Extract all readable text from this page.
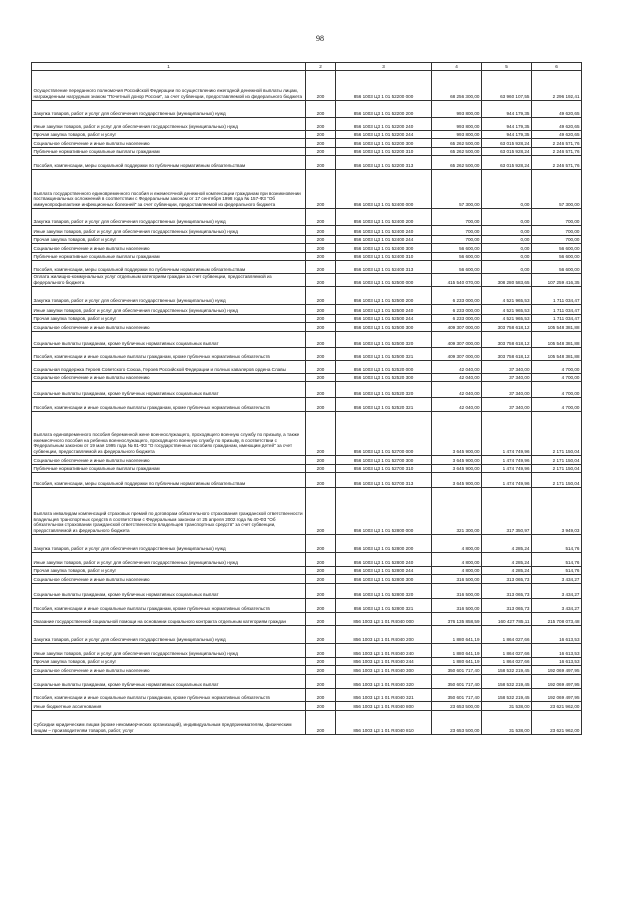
98
1	2	3	4	5	6
Осуществление переданного полномочия Российской Федерации по осуществлению ежегодной денежной выплаты лицам, награжденным нагрудным знаком "Почетный донор России", за счет субвенции, предоставляемой из федерального бюджета	200	856 1003 Ц3 1 01 52200 000	68 256 300,00	63 960 107,55	2 296 192,41
Закупка товаров, работ и услуг для обеспечения государственных (муниципальных) нужд	200	856 1003 Ц3 1 01 52200 200	993 800,00	944 179,35	49 620,65
Иные закупки товаров, работ и услуг для обеспечения государственных (муниципальных) нужд	200	856 1003 Ц3 1 01 52200 240	993 800,00	944 179,35	49 620,65
Прочая закупка товаров, работ и услуг	200	856 1003 Ц3 1 01 52200 244	993 800,00	944 179,35	49 620,65
Социальное обеспечение и иные выплаты населению	200	856 1003 Ц3 1 01 52200 300	65 262 500,00	63 015 928,24	2 246 571,76
Публичные нормативные социальные выплаты гражданам	200	856 1003 Ц3 1 01 52200 310	65 262 500,00	63 015 928,24	2 246 571,76
Пособия, компенсации, меры социальной поддержки по публичным нормативным обязательствам	200	856 1003 Ц3 1 01 52200 313	65 262 500,00	63 015 928,24	2 246 571,76
Выплата государственного единовременного пособия и ежемесячной денежной компенсации гражданам при возникновении поствакцинальных осложнений в соответствии с Федеральным законом от 17 сентября 1998 года № 157-ФЗ "Об иммунопрофилактике инфекционных болезней" за счет субвенции, предоставляемой из федерального бюджета	200	856 1003 Ц3 1 01 52400 000	57 300,00	0,00	57 300,00
Закупка товаров, работ и услуг для обеспечения государственных (муниципальных) нужд	200	856 1003 Ц3 1 01 52400 200	700,00	0,00	700,00
Иные закупки товаров, работ и услуг для обеспечения государственных (муниципальных) нужд	200	856 1003 Ц3 1 01 52400 240	700,00	0,00	700,00
Прочая закупка товаров, работ и услуг	200	856 1003 Ц3 1 01 52400 244	700,00	0,00	700,00
Социальное обеспечение и иные выплаты населению	200	856 1003 Ц3 1 01 52400 300	56 600,00	0,00	56 600,00
Публичные нормативные социальные выплаты гражданам	200	856 1003 Ц3 1 01 52400 310	56 600,00	0,00	56 600,00
Пособия, компенсации, меры социальной поддержки по публичным нормативным обязательствам	200	856 1003 Ц3 1 01 52400 313	56 600,00	0,00	56 600,00
Оплата жилищно-коммунальных услуг отдельным категориям граждан за счет субвенции, предоставляемой из федерального бюджета	200	856 1003 Ц3 1 01 52500 000	415 540 070,00	308 280 583,65	107 259 416,35
Закупка товаров, работ и услуг для обеспечения государственных (муниципальных) нужд	200	856 1003 Ц3 1 01 52500 200	6 233 000,00	4 521 965,53	1 711 034,47
Иные закупки товаров, работ и услуг для обеспечения государственных (муниципальных) нужд	200	856 1003 Ц3 1 01 52500 240	6 233 000,00	4 521 965,53	1 711 034,47
Прочая закупка товаров, работ и услуг	200	856 1003 Ц3 1 01 52500 244	6 233 000,00	4 521 965,53	1 711 034,47
Социальное обеспечение и иные выплаты населению	200	856 1003 Ц3 1 01 52500 300	409 307 000,00	303 758 618,12	105 548 381,88
Социальные выплаты гражданам, кроме публичных нормативных социальных выплат	200	856 1003 Ц3 1 01 52500 320	409 307 000,00	303 758 618,12	105 548 381,88
Пособия, компенсации и иные социальные выплаты гражданам, кроме публичных нормативных обязательств	200	856 1003 Ц3 1 01 52500 321	409 307 000,00	303 758 618,12	105 548 381,88
Социальная поддержка Героев Советского Союза, Героев Российской Федерации и полных кавалеров ордена Славы	200	856 1003 Ц3 1 01 52520 000	42 040,00	37 340,00	4 700,00
Социальное обеспечение и иные выплаты населению	200	856 1003 Ц3 1 01 52520 300	42 040,00	37 340,00	4 700,00
Социальные выплаты гражданам, кроме публичных нормативных социальных выплат	200	856 1003 Ц3 1 01 52520 320	42 040,00	37 340,00	4 700,00
Пособия, компенсации и иные социальные выплаты гражданам, кроме публичных нормативных обязательств	200	856 1003 Ц3 1 01 52520 321	42 040,00	37 340,00	4 700,00
Выплата единовременного пособия беременной жене военнослужащего, проходящего военную службу по призыву, а также ежемесячного пособия на ребенка военнослужащего, проходящего военную службу по призыву, в соответствии с Федеральным законом от 19 мая 1995 года № 81-ФЗ "О государственных пособиях гражданам, имеющим детей" за счет субвенции, предоставляемой из федерального бюджета	200	856 1003 Ц3 1 01 52700 000	3 645 900,00	1 474 749,96	2 171 150,04
Социальное обеспечение и иные выплаты населению	200	856 1003 Ц3 1 01 52700 300	3 645 900,00	1 474 749,96	2 171 150,04
Публичные нормативные социальные выплаты гражданам	200	856 1003 Ц3 1 01 52700 310	3 645 900,00	1 474 749,96	2 171 150,04
Пособия, компенсации, меры социальной поддержки по публичным нормативным обязательствам	200	856 1003 Ц3 1 01 52700 313	3 645 900,00	1 474 749,96	2 171 150,04
Выплата инвалидам компенсаций страховых премий по договорам обязательного страхования гражданской ответственности владельцев транспортных средств в соответствии с Федеральным законом от 25 апреля 2002 года № 40-ФЗ "Об обязательном страховании гражданской ответственности владельцев транспортных средств" за счет субвенции, предоставляемой из федерального бюджета	200	856 1003 Ц3 1 01 52800 000	321 300,00	317 350,97	3 949,03
Закупка товаров, работ и услуг для обеспечения государственных (муниципальных) нужд	200	856 1003 Ц3 1 01 52800 200	4 800,00	4 285,24	514,76
Иные закупки товаров, работ и услуг для обеспечения государственных (муниципальных) нужд	200	856 1003 Ц3 1 01 52800 240	4 800,00	4 285,24	514,76
Прочая закупка товаров, работ и услуг	200	856 1003 Ц3 1 01 52800 244	4 800,00	4 285,24	514,76
Социальное обеспечение и иные выплаты населению	200	856 1003 Ц3 1 01 52800 300	316 500,00	313 065,73	3 434,27
Социальные выплаты гражданам, кроме публичных нормативных социальных выплат	200	856 1003 Ц3 1 01 52800 320	316 500,00	313 065,73	3 434,27
Пособия, компенсации и иные социальные выплаты гражданам, кроме публичных нормативных обязательств	200	856 1003 Ц3 1 01 52800 321	316 500,00	313 065,73	3 434,27
Оказание государственной социальной помощи на основании социального контракта отдельным категориям граждан	200	856 1003 Ц3 1 01 R4040 000	376 135 858,59	160 427 785,11	215 708 073,48
Закупка товаров, работ и услуг для обеспечения государственных (муниципальных) нужд	200	856 1003 Ц3 1 01 R4040 200	1 880 641,19	1 864 027,66	16 613,53
Иные закупки товаров, работ и услуг для обеспечения государственных (муниципальных) нужд	200	856 1003 Ц3 1 01 R4040 240	1 880 641,19	1 864 027,66	16 613,53
Прочая закупка товаров, работ и услуг	200	856 1003 Ц3 1 01 R4040 244	1 880 641,19	1 864 027,66	16 613,53
Социальное обеспечение и иные выплаты населению	200	856 1003 Ц3 1 01 R4040 300	350 601 717,40	158 532 219,45	192 069 497,95
Социальные выплаты гражданам, кроме публичных нормативных социальных выплат	200	856 1003 Ц3 1 01 R4040 320	350 601 717,40	158 532 219,45	192 069 497,95
Пособия, компенсации и иные социальные выплаты гражданам, кроме публичных нормативных обязательств	200	856 1003 Ц3 1 01 R4040 321	350 601 717,40	158 532 219,45	192 069 497,95
Иные бюджетные ассигнования	200	856 1003 Ц3 1 01 R4040 800	23 653 500,00	31 538,00	23 621 962,00
Субсидии юридическим лицам (кроме некоммерческих организаций), индивидуальным предпринимателям, физическим лицам – производителям товаров, работ, услуг	200	856 1003 Ц3 1 01 R4040 810	23 653 500,00	31 538,00	23 621 962,00
